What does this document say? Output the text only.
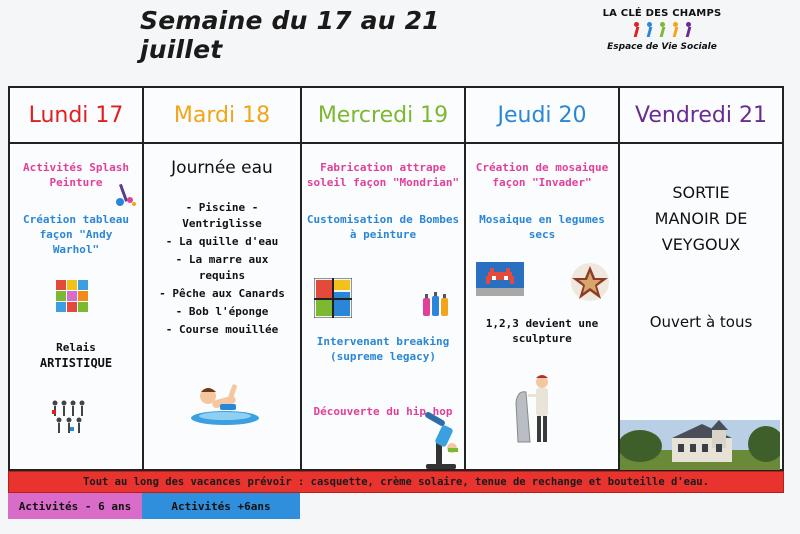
Semaine du 17 au 21 juillet
LA CLÉ DES CHAMPS
Espace de Vie Sociale
Lundi 17
Activités Splash Peinture
Création tableau façon "Andy Warhol"
Relais
ARTISTIQUE
Mardi 18
Journée eau
- Piscine -
Ventriglisse
- La quille d'eau
- La marre aux
requins
- Pêche aux Canards
- Bob l'éponge
- Course mouillée
Mercredi 19
Fabrication attrape soleil façon "Mondrian"
Customisation de Bombes à peinture
Intervenant breaking (supreme legacy)
Découverte du hip hop
Jeudi 20
Création de mosaique façon "Invader"
Mosaique en legumes secs
1,2,3 devient une sculpture
Vendredi 21
SORTIE MANOIR DE VEYGOUX
Ouvert à tous
Tout au long des vacances prévoir : casquette, crème solaire, tenue de rechange et bouteille d'eau.
Activités - 6 ans	Activités +6ans
